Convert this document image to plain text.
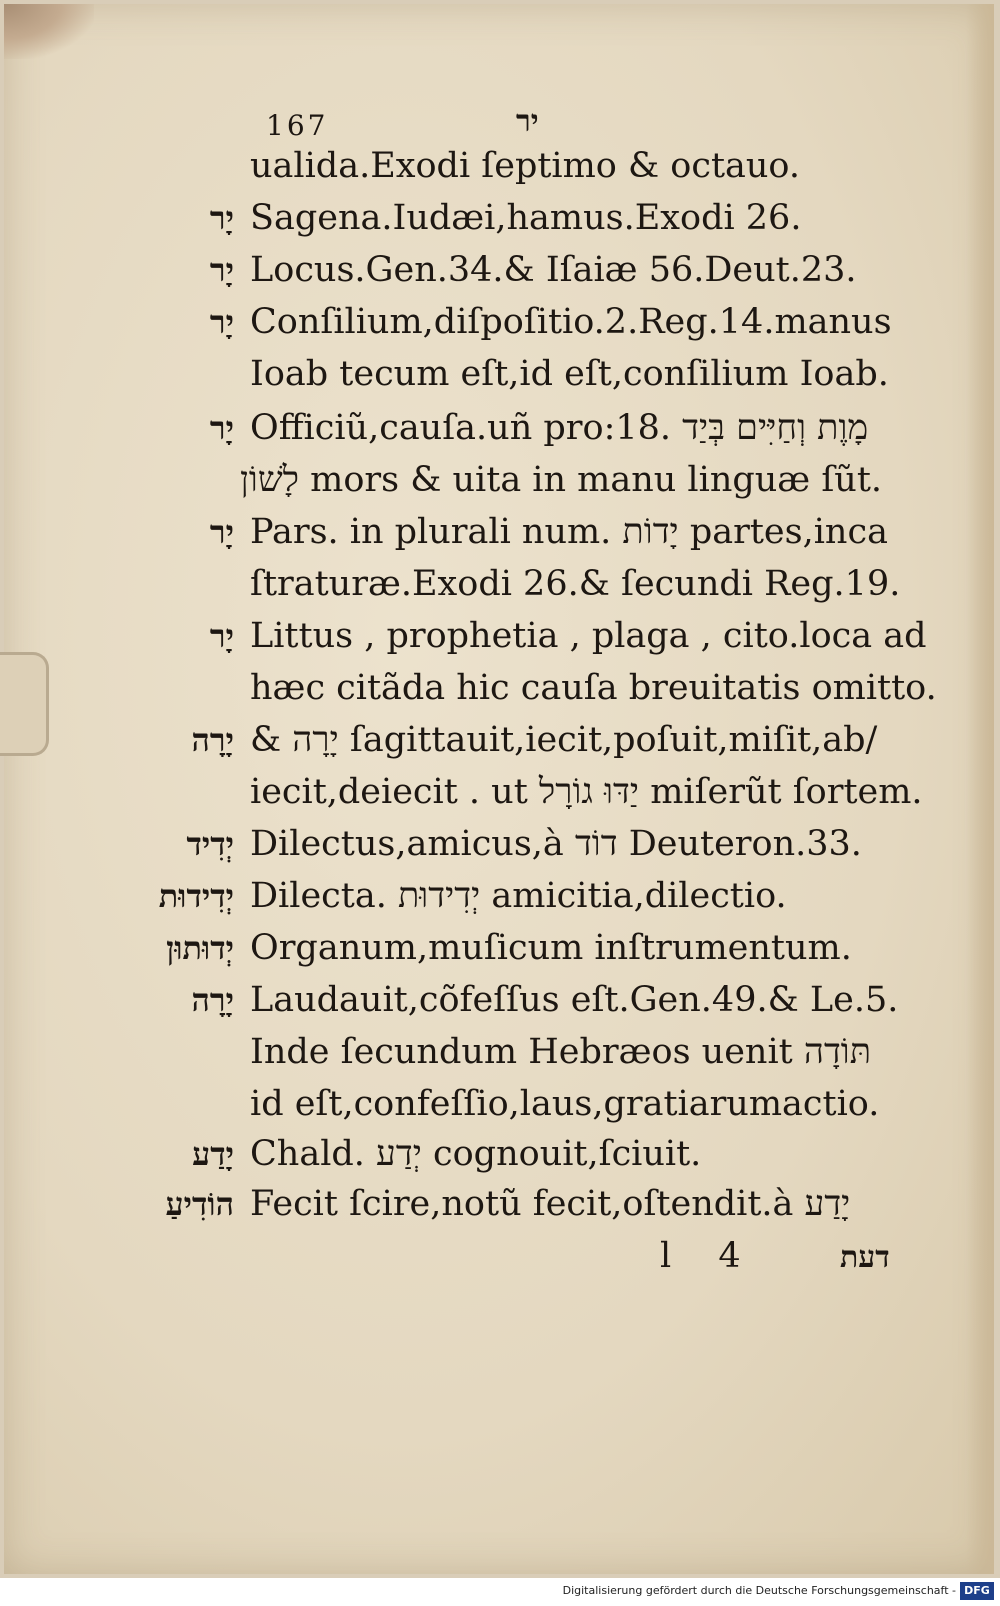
167	יר
ualida.Exodi ſeptimo & octauo.
יָר Sagena.Iudæi,hamus.Exodi 26.
יָר Locus.Gen.34.& Iſaiæ 56.Deut.23.
יָר Conſilium,diſpoſitio.2.Reg.14.manus
Ioab tecum eſt,id eſt,conſilium Ioab.
יָר Officiũ,cauſa.uñ pro:18. מָוֶת וְחַיִּים בְּיַד
לָשׁוֹן mors & uita in manu linguæ ſũt.
יָר Pars. in plurali num. יָדוֹת partes,inca
ſtraturæ.Exodi 26.& ſecundi Reg.19.
יָר Littus , prophetia , plaga , cito.loca ad
hæc citãda hic cauſa breuitatis omitto.
יָרָה & יָרָה ſagittauit,iecit,poſuit,miſit,ab/
iecit,deiecit . ut יַדּוּ גוֹרָל miſerũt ſortem.
יְדִיד Dilectus,amicus,à דוֹד Deuteron.33.
יְדִידוּת Dilecta. יְדִידוּת amicitia,dilectio.
יְדוּתוּן Organum,muſicum inſtrumentum.
יָרָה Laudauit,cõfeſſus eſt.Gen.49.& Le.5.
Inde ſecundum Hebræos uenit תּוֹדָה
id eſt,confeſſio,laus,gratiarumactio.
יָדַע Chald. יְדַע cognouit,ſciuit.
הוֹדִיעַ Fecit ſcire,notũ fecit,oſtendit.à יָדַע
l 4	דעת
Digitalisierung gefördert durch die Deutsche Forschungsgemeinschaft - DFG
